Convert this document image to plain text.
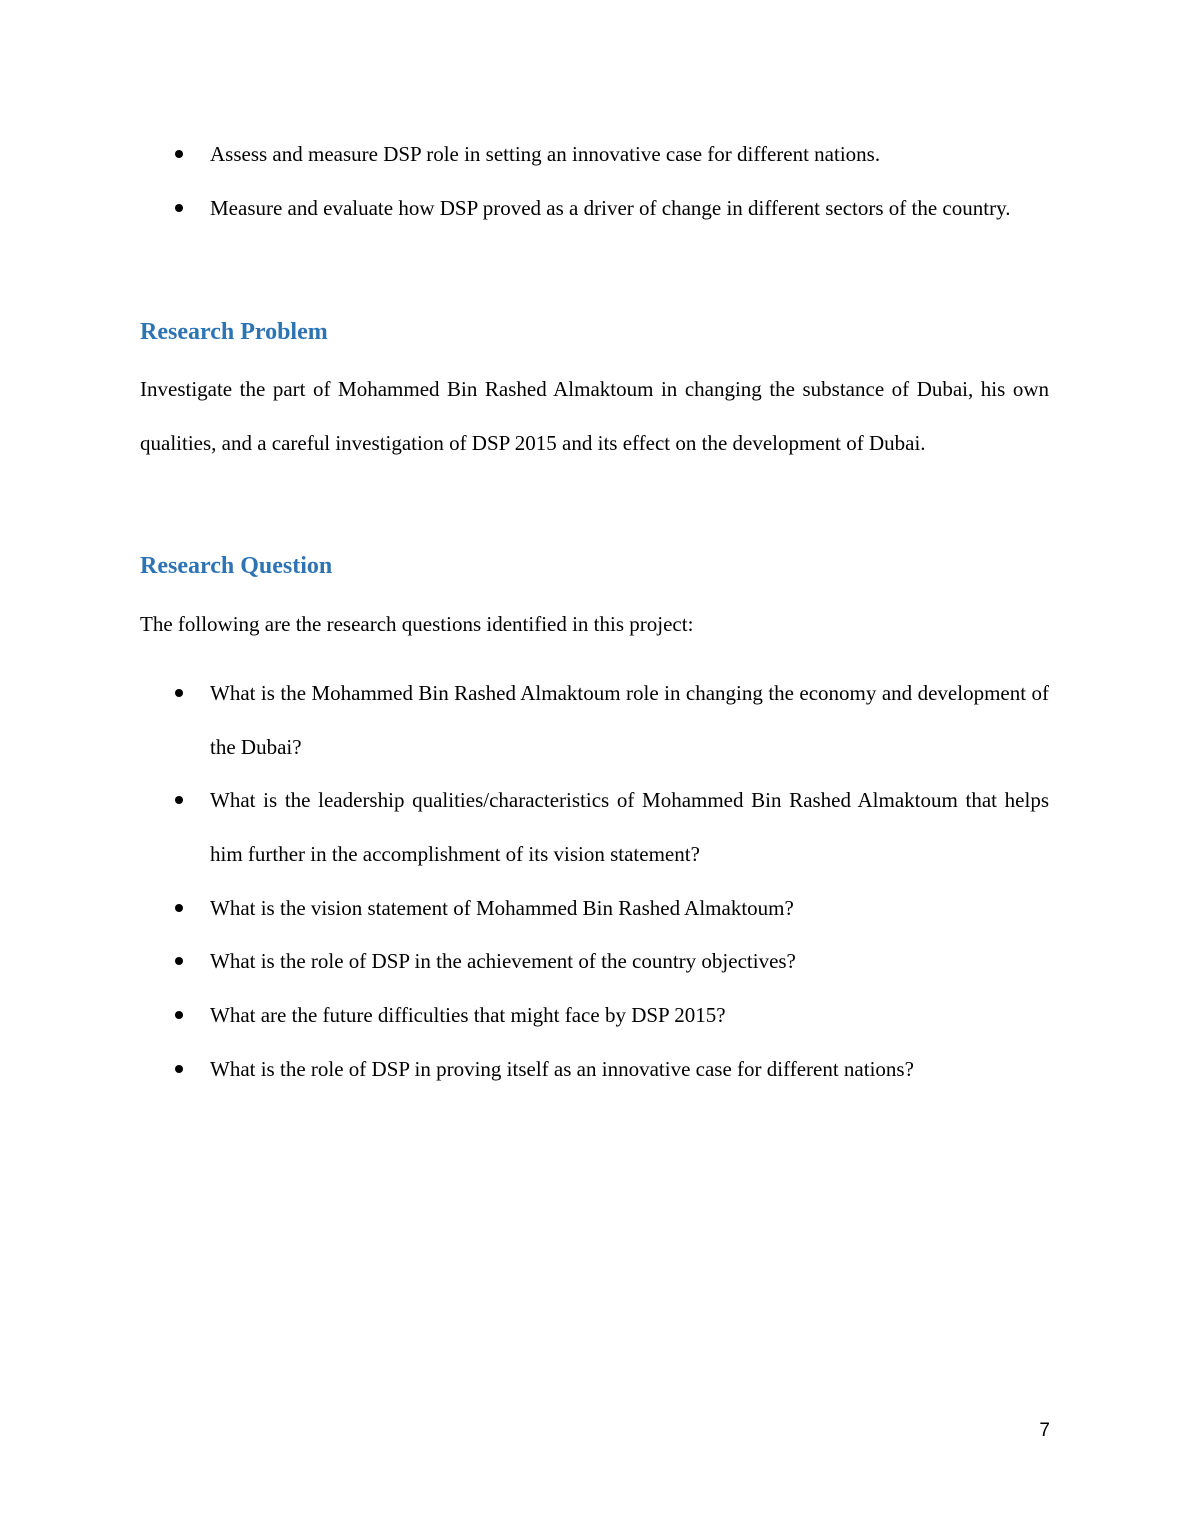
Assess and measure DSP role in setting an innovative case for different nations.
Measure and evaluate how DSP proved as a driver of change in different sectors of the country.
Research Problem

Investigate the part of Mohammed Bin Rashed Almaktoum in changing the substance of Dubai, his own qualities, and a careful investigation of DSP 2015 and its effect on the development of Dubai.

Research Question

The following are the research questions identified in this project:

What is the Mohammed Bin Rashed Almaktoum role in changing the economy and development of the Dubai?
What is the leadership qualities/characteristics of Mohammed Bin Rashed Almaktoum that helps him further in the accomplishment of its vision statement?
What is the vision statement of Mohammed Bin Rashed Almaktoum?
What is the role of DSP in the achievement of the country objectives?
What are the future difficulties that might face by DSP 2015?
What is the role of DSP in proving itself as an innovative case for different nations?
7
